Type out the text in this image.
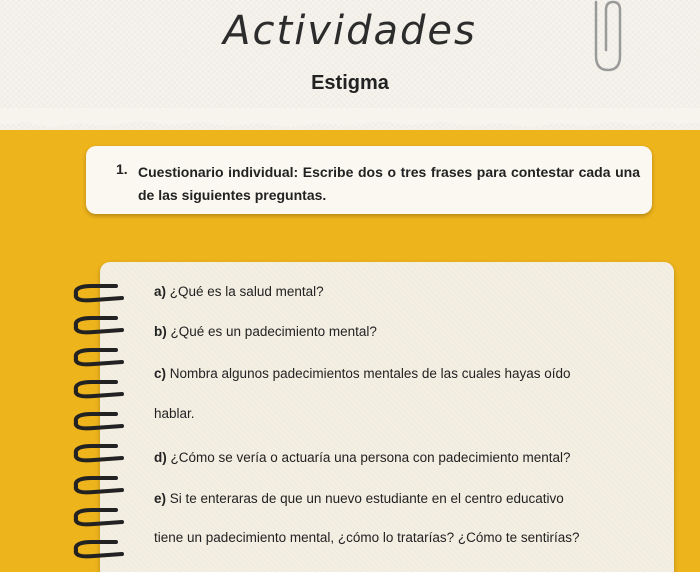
Actividades
Estigma
1. Cuestionario individual: Escribe dos o tres frases para contestar cada una de las siguientes preguntas.
a) ¿Qué es la salud mental?
b) ¿Qué es un padecimiento mental?
c) Nombra algunos padecimientos mentales de las cuales hayas oído
hablar.
d) ¿Cómo se vería o actuaría una persona con padecimiento mental?
e) Si te enteraras de que un nuevo estudiante en el centro educativo
tiene un padecimiento mental, ¿cómo lo tratarías? ¿Cómo te sentirías?
